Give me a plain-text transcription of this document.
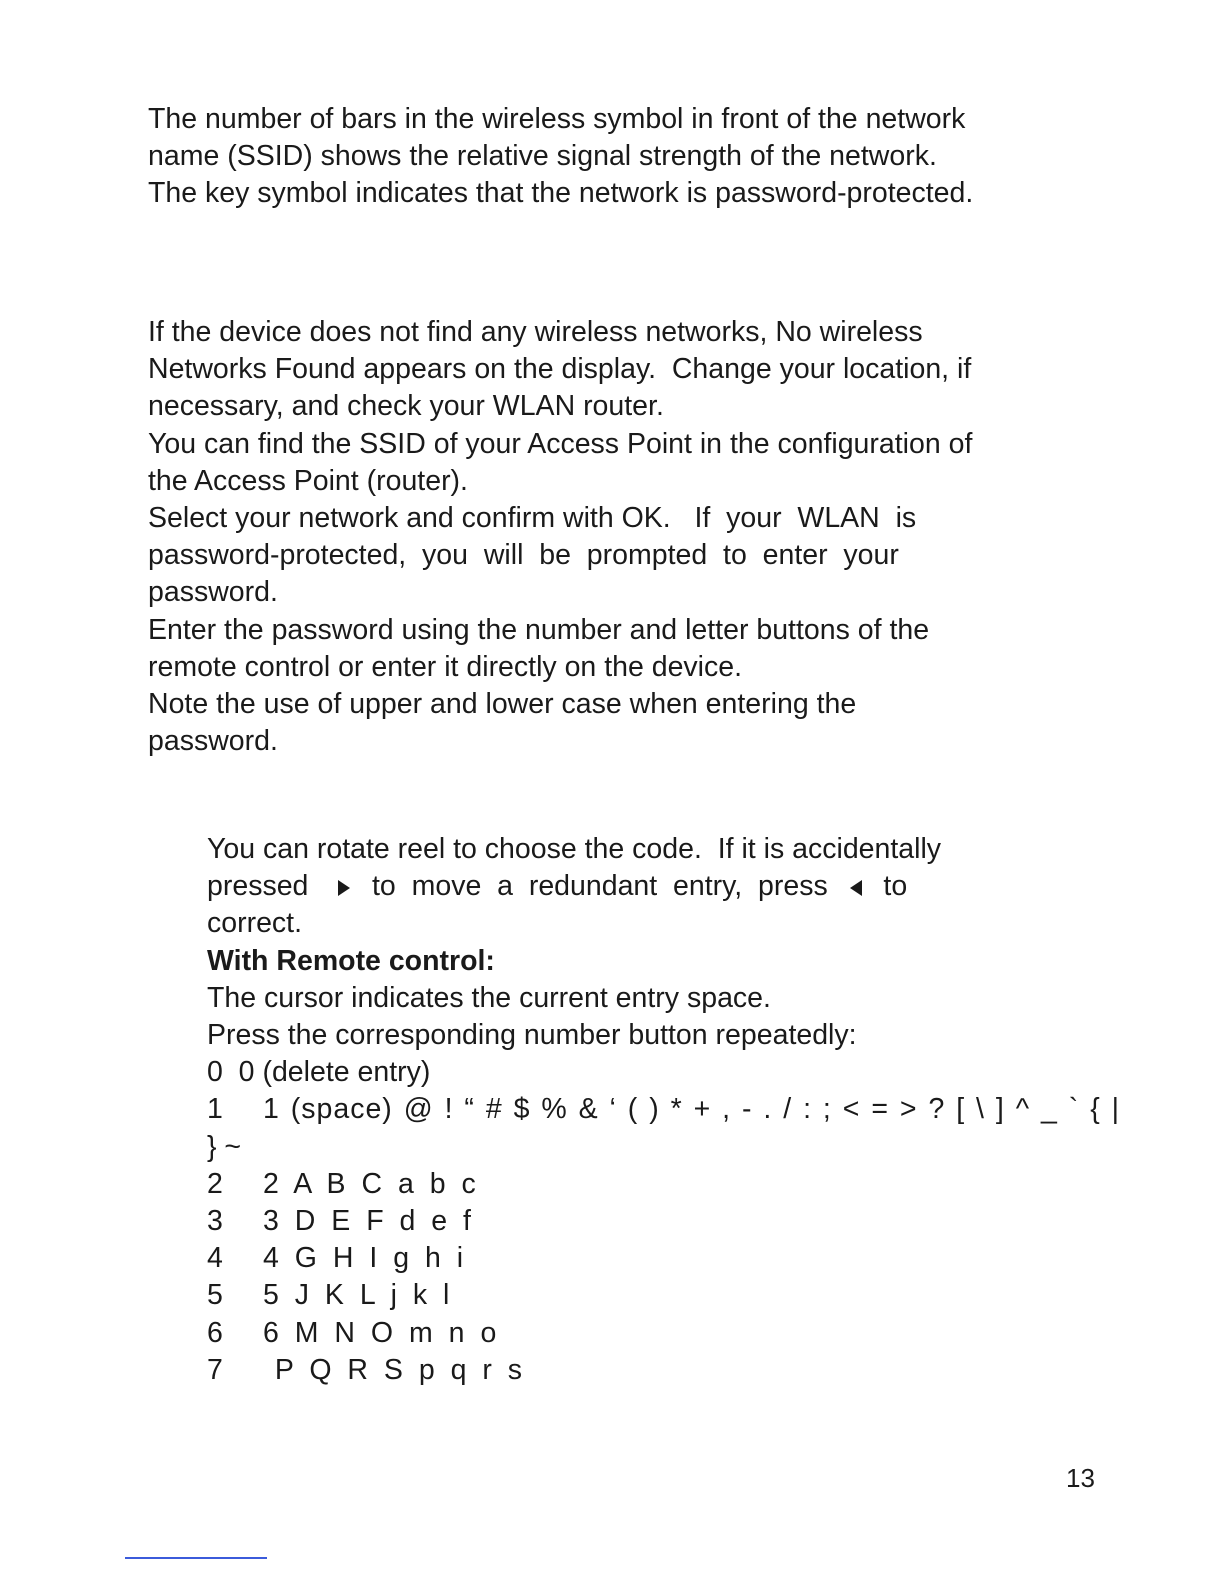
The number of bars in the wireless symbol in front of the network

name (SSID) shows the relative signal strength of the network.

The key symbol indicates that the network is password-protected.

If the device does not find any wireless networks, No wireless

Networks Found appears on the display.  Change your location, if

necessary, and check your WLAN router.

You can find the SSID of your Access Point in the configuration of

the Access Point (router).

Select your network and confirm with OK.   If  your  WLAN  is

password-protected,  you  will  be  prompted  to  enter  your

password.

Enter the password using the number and letter buttons of the

remote control or enter it directly on the device.

Note the use of upper and lower case when entering the

password.

You can rotate reel to choose the code.  If it is accidentally

pressed to  move  a  redundant  entry,  press to

correct.

With Remote control:

The cursor indicates the current entry space.

Press the corresponding number button repeatedly:

0  0 (delete entry)

1	1 (space) @ ! “ # $ % & ‘ ( ) * + , - . / : ; < = > ? [ \ ] ^ _ ` { |

} ~

2	2 A B C a b c
3	3 D E F d e f
4	4 G H I g h i
5	5 J K L j k l
6	6 M N O m n o
7	P Q R S p q r s
13
